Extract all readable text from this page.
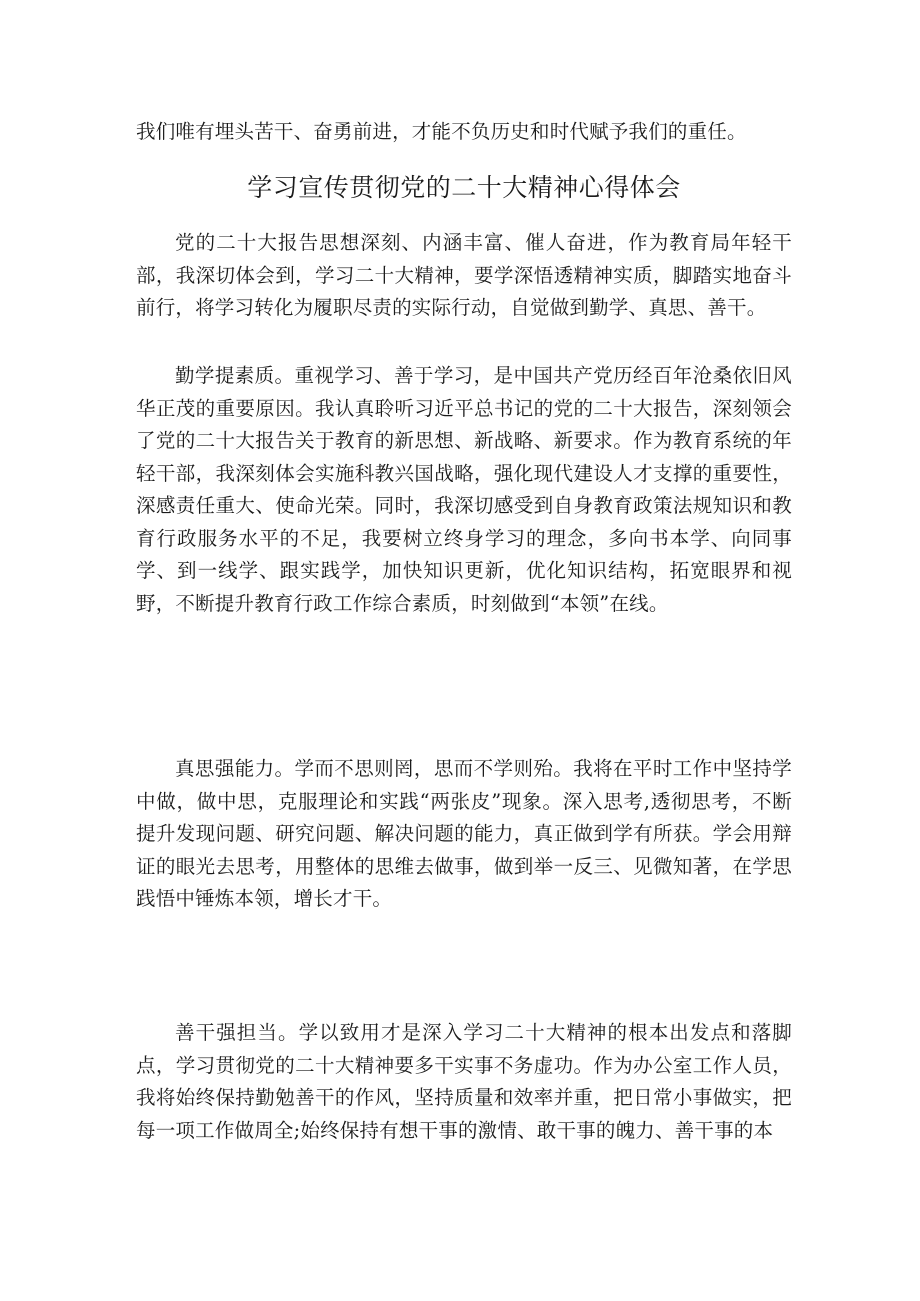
我们唯有埋头苦干、奋勇前进，才能不负历史和时代赋予我们的重任。

学习宣传贯彻党的二十大精神心得体会

党的二十大报告思想深刻、内涵丰富、催人奋进，作为教育局年轻干部，我深切体会到，学习二十大精神，要学深悟透精神实质，脚踏实地奋斗前行，将学习转化为履职尽责的实际行动，自觉做到勤学、真思、善干。

勤学提素质。重视学习、善于学习，是中国共产党历经百年沧桑依旧风华正茂的重要原因。我认真聆听习近平总书记的党的二十大报告，深刻领会了党的二十大报告关于教育的新思想、新战略、新要求。作为教育系统的年轻干部，我深刻体会实施科教兴国战略，强化现代建设人才支撑的重要性，深感责任重大、使命光荣。同时，我深切感受到自身教育政策法规知识和教育行政服务水平的不足，我要树立终身学习的理念，多向书本学、向同事学、到一线学、跟实践学，加快知识更新，优化知识结构，拓宽眼界和视野，不断提升教育行政工作综合素质，时刻做到“本领”在线。

真思强能力。学而不思则罔，思而不学则殆。我将在平时工作中坚持学中做，做中思，克服理论和实践“两张皮”现象。深入思考,透彻思考，不断提升发现问题、研究问题、解决问题的能力，真正做到学有所获。学会用辩证的眼光去思考，用整体的思维去做事，做到举一反三、见微知著，在学思践悟中锤炼本领，增长才干。

善干强担当。学以致用才是深入学习二十大精神的根本出发点和落脚点，学习贯彻党的二十大精神要多干实事不务虚功。作为办公室工作人员，我将始终保持勤勉善干的作风，坚持质量和效率并重，把日常小事做实，把每一项工作做周全;始终保持有想干事的激情、敢干事的魄力、善干事的本
